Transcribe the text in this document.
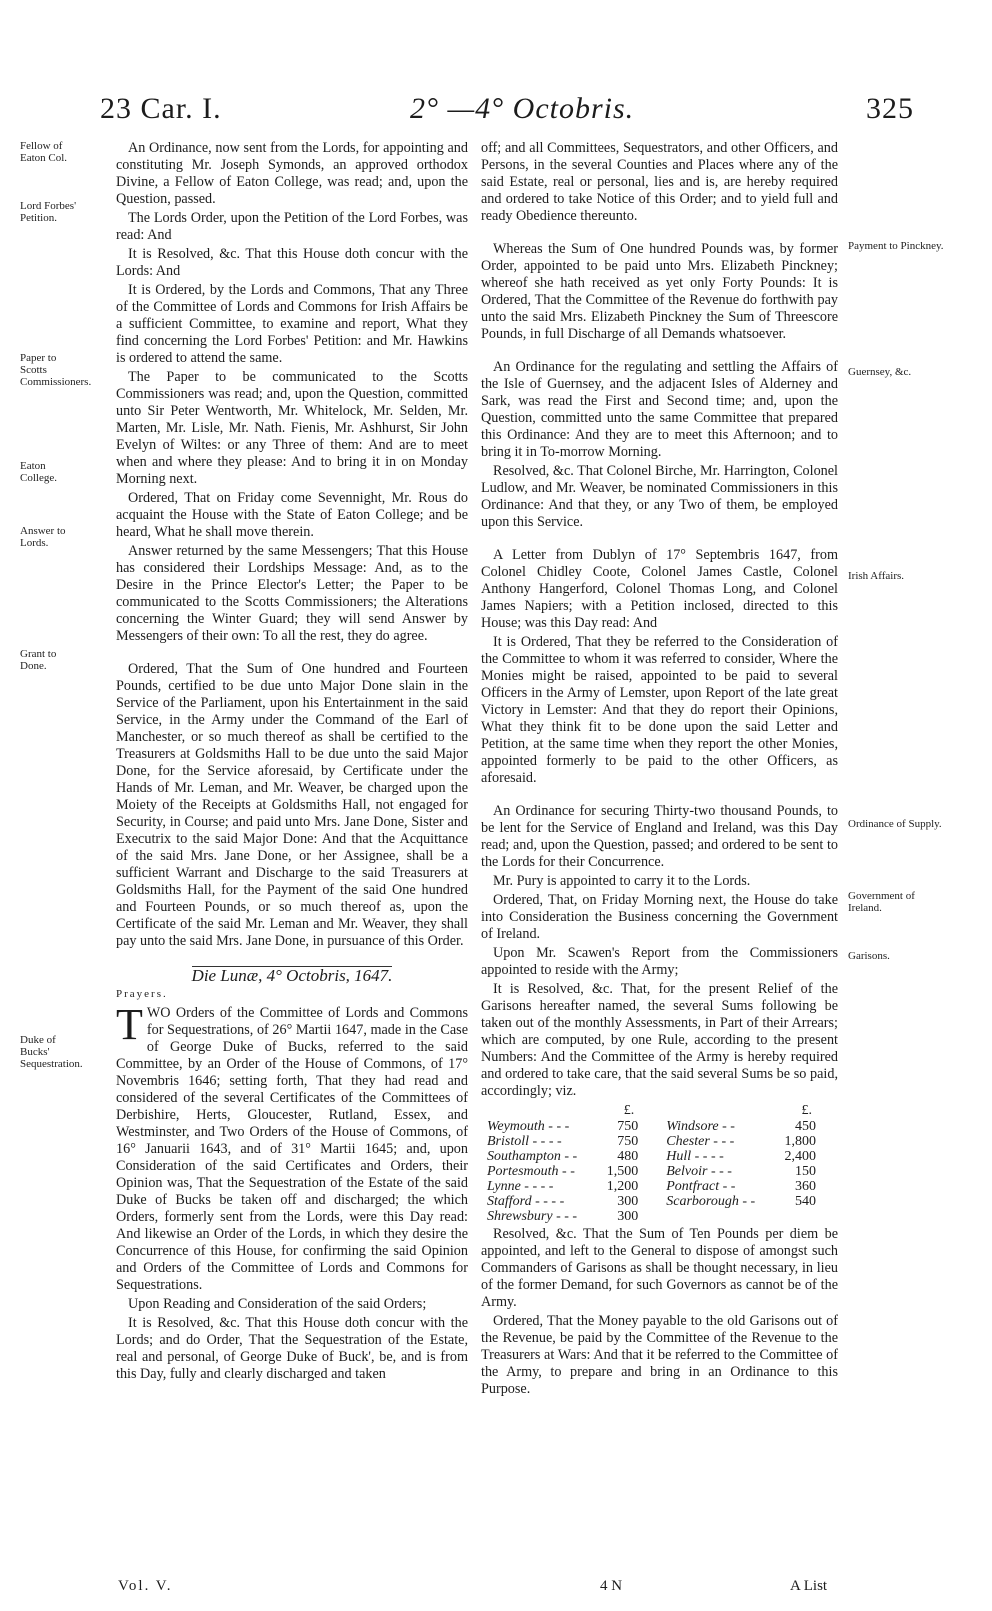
23 Car. I.	2° —4° Octobris.	325
Fellow of Eaton Col.
Lord Forbes' Petition.
Paper to Scotts Commissioners.
Eaton College.
Answer to Lords.
Grant to Done.
Duke of Bucks' Sequestration.
Payment to Pinckney.
Guernsey, &c.
Irish Affairs.
Ordinance of Supply.
Government of Ireland.
Garisons.

An Ordinance, now sent from the Lords, for appointing and constituting Mr. Joseph Symonds, an approved orthodox Divine, a Fellow of Eaton College, was read; and, upon the Question, passed.

The Lords Order, upon the Petition of the Lord Forbes, was read: And

It is Resolved, &c. That this House doth concur with the Lords: And

It is Ordered, by the Lords and Commons, That any Three of the Committee of Lords and Commons for Irish Affairs be a sufficient Committee, to examine and report, What they find concerning the Lord Forbes' Petition: and Mr. Hawkins is ordered to attend the same.

The Paper to be communicated to the Scotts Commissioners was read; and, upon the Question, committed unto Sir Peter Wentworth, Mr. Whitelock, Mr. Selden, Mr. Marten, Mr. Lisle, Mr. Nath. Fienis, Mr. Ashhurst, Sir John Evelyn of Wiltes: or any Three of them: And are to meet when and where they please: And to bring it in on Monday Morning next.

Ordered, That on Friday come Sevennight, Mr. Rous do acquaint the House with the State of Eaton College; and be heard, What he shall move therein.

Answer returned by the same Messengers; That this House has considered their Lordships Message: And, as to the Desire in the Prince Elector's Letter; the Paper to be communicated to the Scotts Commissioners; the Alterations concerning the Winter Guard; they will send Answer by Messengers of their own: To all the rest, they do agree.

Ordered, That the Sum of One hundred and Fourteen Pounds, certified to be due unto Major Done slain in the Service of the Parliament, upon his Entertainment in the said Service, in the Army under the Command of the Earl of Manchester, or so much thereof as shall be certified to the Treasurers at Goldsmiths Hall to be due unto the said Major Done, for the Service aforesaid, by Certificate under the Hands of Mr. Leman, and Mr. Weaver, be charged upon the Moiety of the Receipts at Goldsmiths Hall, not engaged for Security, in Course; and paid unto Mrs. Jane Done, Sister and Executrix to the said Major Done: And that the Acquittance of the said Mrs. Jane Done, or her Assignee, shall be a sufficient Warrant and Discharge to the said Treasurers at Goldsmiths Hall, for the Payment of the said One hundred and Fourteen Pounds, or so much thereof as, upon the Certificate of the said Mr. Leman and Mr. Weaver, they shall pay unto the said Mrs. Jane Done, in pursuance of this Order.

Die Lunæ, 4° Octobris, 1647.

Prayers.

TWO Orders of the Committee of Lords and Commons for Sequestrations, of 26° Martii 1647, made in the Case of George Duke of Bucks, referred to the said Committee, by an Order of the House of Commons, of 17° Novembris 1646; setting forth, That they had read and considered of the several Certificates of the Committees of Derbishire, Herts, Gloucester, Rutland, Essex, and Westminster, and Two Orders of the House of Commons, of 16° Januarii 1643, and of 31° Martii 1645; and, upon Consideration of the said Certificates and Orders, their Opinion was, That the Sequestration of the Estate of the said Duke of Bucks be taken off and discharged; the which Orders, formerly sent from the Lords, were this Day read: And likewise an Order of the Lords, in which they desire the Concurrence of this House, for confirming the said Opinion and Orders of the Committee of Lords and Commons for Sequestrations.

Upon Reading and Consideration of the said Orders;

It is Resolved, &c. That this House doth concur with the Lords; and do Order, That the Sequestration of the Estate, real and personal, of George Duke of Buck', be, and is from this Day, fully and clearly discharged and taken

off; and all Committees, Sequestrators, and other Officers, and Persons, in the several Counties and Places where any of the said Estate, real or personal, lies and is, are hereby required and ordered to take Notice of this Order; and to yield full and ready Obedience thereunto.

Whereas the Sum of One hundred Pounds was, by former Order, appointed to be paid unto Mrs. Elizabeth Pinckney; whereof she hath received as yet only Forty Pounds: It is Ordered, That the Committee of the Revenue do forthwith pay unto the said Mrs. Elizabeth Pinckney the Sum of Threescore Pounds, in full Discharge of all Demands whatsoever.

An Ordinance for the regulating and settling the Affairs of the Isle of Guernsey, and the adjacent Isles of Alderney and Sark, was read the First and Second time; and, upon the Question, committed unto the same Committee that prepared this Ordinance: And they are to meet this Afternoon; and to bring it in To-morrow Morning.

Resolved, &c. That Colonel Birche, Mr. Harrington, Colonel Ludlow, and Mr. Weaver, be nominated Commissioners in this Ordinance: And that they, or any Two of them, be employed upon this Service.

A Letter from Dublyn of 17° Septembris 1647, from Colonel Chidley Coote, Colonel James Castle, Colonel Anthony Hangerford, Colonel Thomas Long, and Colonel James Napiers; with a Petition inclosed, directed to this House; was this Day read: And

It is Ordered, That they be referred to the Consideration of the Committee to whom it was referred to consider, Where the Monies might be raised, appointed to be paid to several Officers in the Army of Lemster, upon Report of the late great Victory in Lemster: And that they do report their Opinions, What they think fit to be done upon the said Letter and Petition, at the same time when they report the other Monies, appointed formerly to be paid to the other Officers, as aforesaid.

An Ordinance for securing Thirty-two thousand Pounds, to be lent for the Service of England and Ireland, was this Day read; and, upon the Question, passed; and ordered to be sent to the Lords for their Concurrence.

Mr. Pury is appointed to carry it to the Lords.

Ordered, That, on Friday Morning next, the House do take into Consideration the Business concerning the Government of Ireland.

Upon Mr. Scawen's Report from the Commissioners appointed to reside with the Army;

It is Resolved, &c. That, for the present Relief of the Garisons hereafter named, the several Sums following be taken out of the monthly Assessments, in Part of their Arrears; which are computed, by one Rule, according to the present Numbers: And the Committee of the Army is hereby required and ordered to take care, that the said several Sums be so paid, accordingly; viz.

	£.		£.
Weymouth - - -	750	Windsore - -	450
Bristoll - - - -	750	Chester - - -	1,800
Southampton - -	480	Hull - - - -	2,400
Portesmouth - -	1,500	Belvoir - - -	150
Lynne - - - -	1,200	Pontfract - -	360
Stafford - - - -	300	Scarborough - -	540
Shrewsbury - - -	300		

Resolved, &c. That the Sum of Ten Pounds per diem be appointed, and left to the General to dispose of amongst such Commanders of Garisons as shall be thought necessary, in lieu of the former Demand, for such Governors as cannot be of the Army.

Ordered, That the Money payable to the old Garisons out of the Revenue, be paid by the Committee of the Revenue to the Treasurers at Wars: And that it be referred to the Committee of the Army, to prepare and bring in an Ordinance to this Purpose.

Vol. V.	4 N	A List
